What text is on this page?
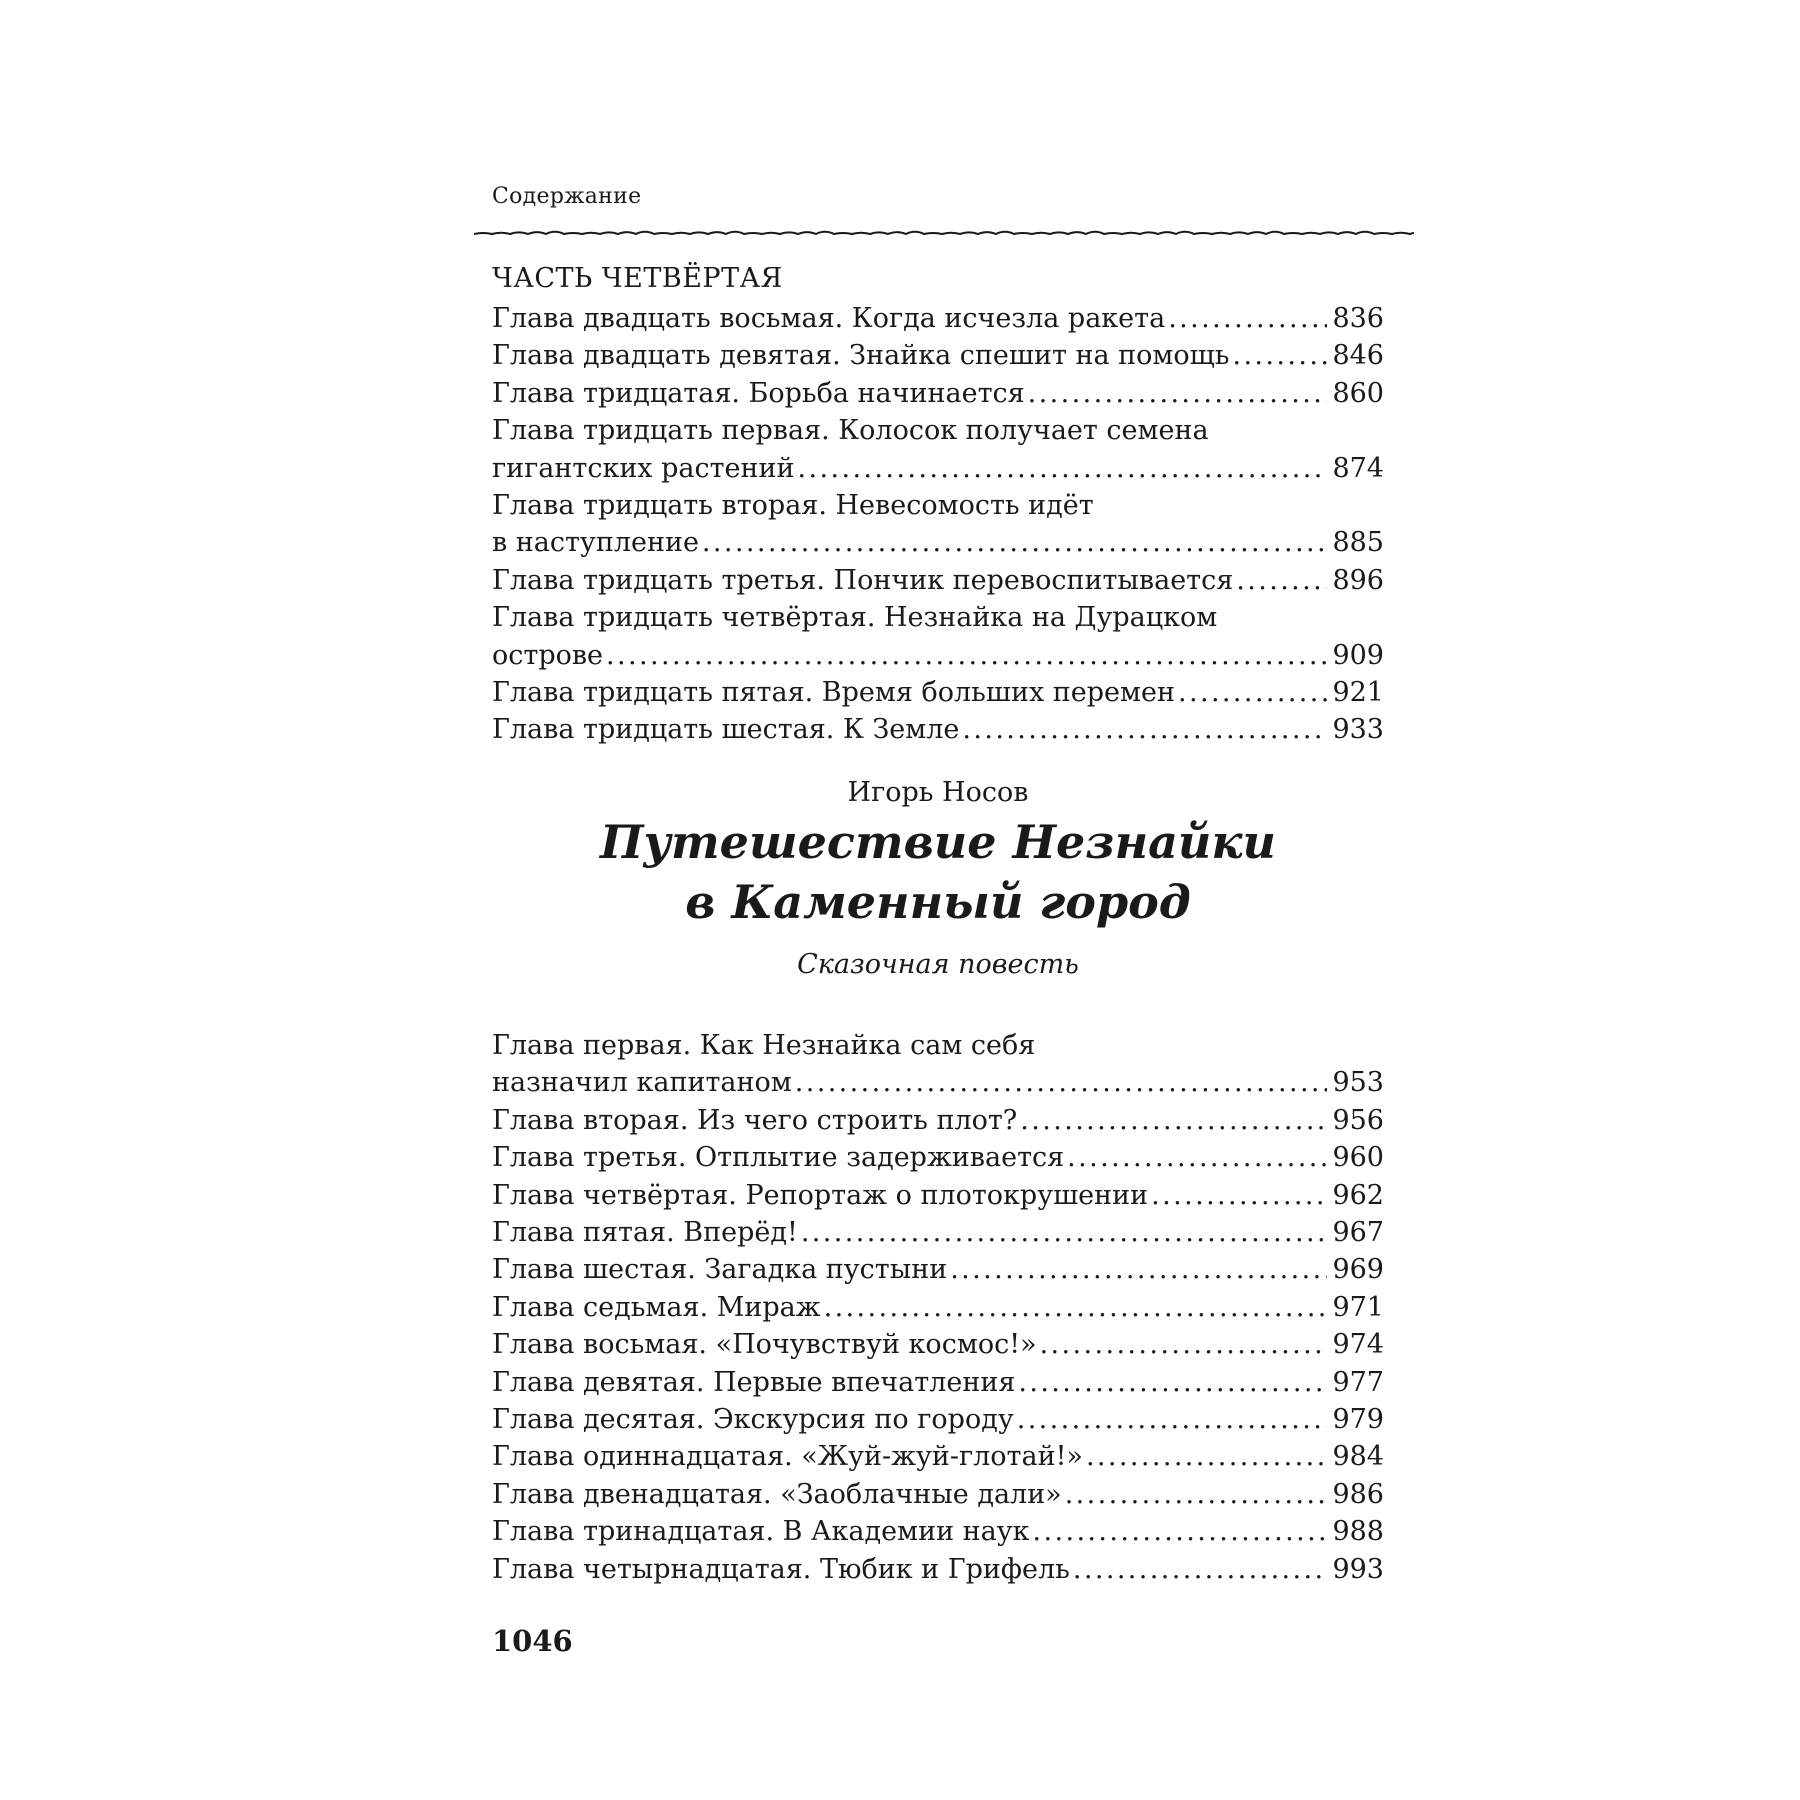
Содержание
ЧАСТЬ ЧЕТВЁРТАЯ
Глава двадцать восьмая. Когда исчезла ракета .....	836
Глава двадцать девятая. Знайка спешит на помощь .....	846
Глава тридцатая. Борьба начинается .....	860
Глава тридцать первая. Колосок получает семена
гигантских растений .....	874
Глава тридцать вторая. Невесомость идёт
в наступление .....	885
Глава тридцать третья. Пончик перевоспитывается .....	896
Глава тридцать четвёртая. Незнайка на Дурацком
острове .....	909
Глава тридцать пятая. Время больших перемен .....	921
Глава тридцать шестая. К Земле .....	933
Игорь Носов
Путешествие Незнайки
в Каменный город
Сказочная повесть
Глава первая. Как Незнайка сам себя
назначил капитаном .....	953
Глава вторая. Из чего строить плот? .....	956
Глава третья. Отплытие задерживается .....	960
Глава четвёртая. Репортаж о плотокрушении .....	962
Глава пятая. Вперёд! .....	967
Глава шестая. Загадка пустыни .....	969
Глава седьмая. Мираж .....	971
Глава восьмая. «Почувствуй космос!» .....	974
Глава девятая. Первые впечатления .....	977
Глава десятая. Экскурсия по городу .....	979
Глава одиннадцатая. «Жуй-жуй-глотай!» .....	984
Глава двенадцатая. «Заоблачные дали» .....	986
Глава тринадцатая. В Академии наук .....	988
Глава четырнадцатая. Тюбик и Грифель .....	993
1046
